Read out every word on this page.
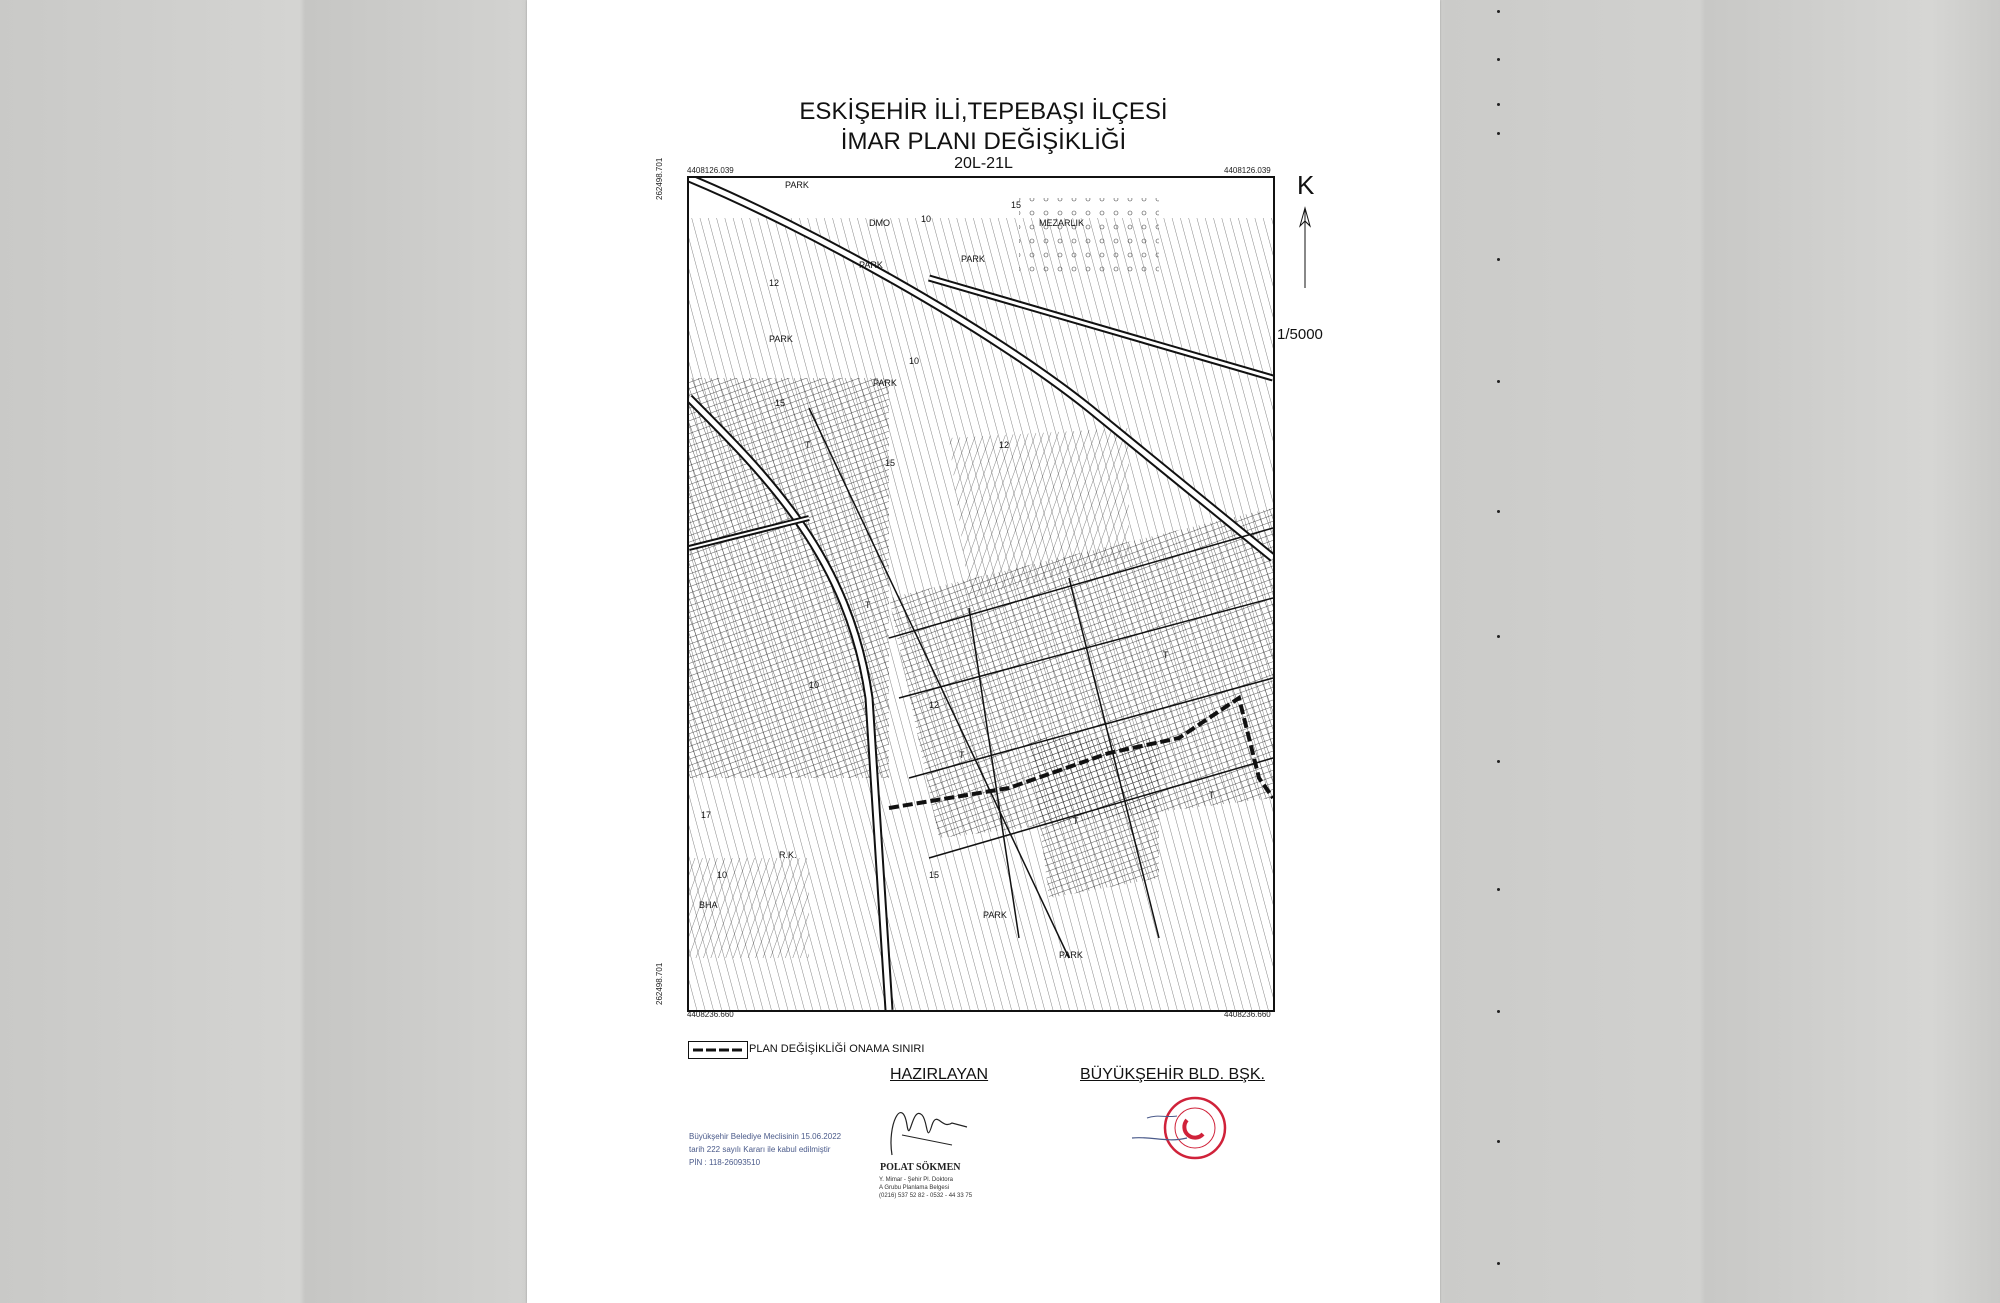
ESKİŞEHİR İLİ,TEPEBAŞI İLÇESİ
İMAR PLANI DEĞİŞİKLİĞİ
20L-21L
4408126.039	4408126.039
4408236.660	4408236.660
262498.701
262498.701
K
1/5000
PARK
DMO	MEZARLIK
PARK
PARK
PARK
PARK
PARK
PARK
R.K.
BHA
15
10
12
15
10
12
15
10
17
10	15
12
T
T
T
T
T
T
PLAN DEĞİŞİKLİĞİ ONAMA SINIRI
HAZIRLAYAN	BÜYÜKŞEHİR BLD. BŞK.
Büyükşehir Belediye Meclisinin 15.06.2022
tarih 222 sayılı Kararı ile kabul edilmiştir
PİN : 118-26093510	POLAT SÖKMEN
Y. Mimar - Şehir Pl. Doktora
A Grubu Planlama Belgesi
(0216) 537 52 82 - 0532 - 44 33 75
